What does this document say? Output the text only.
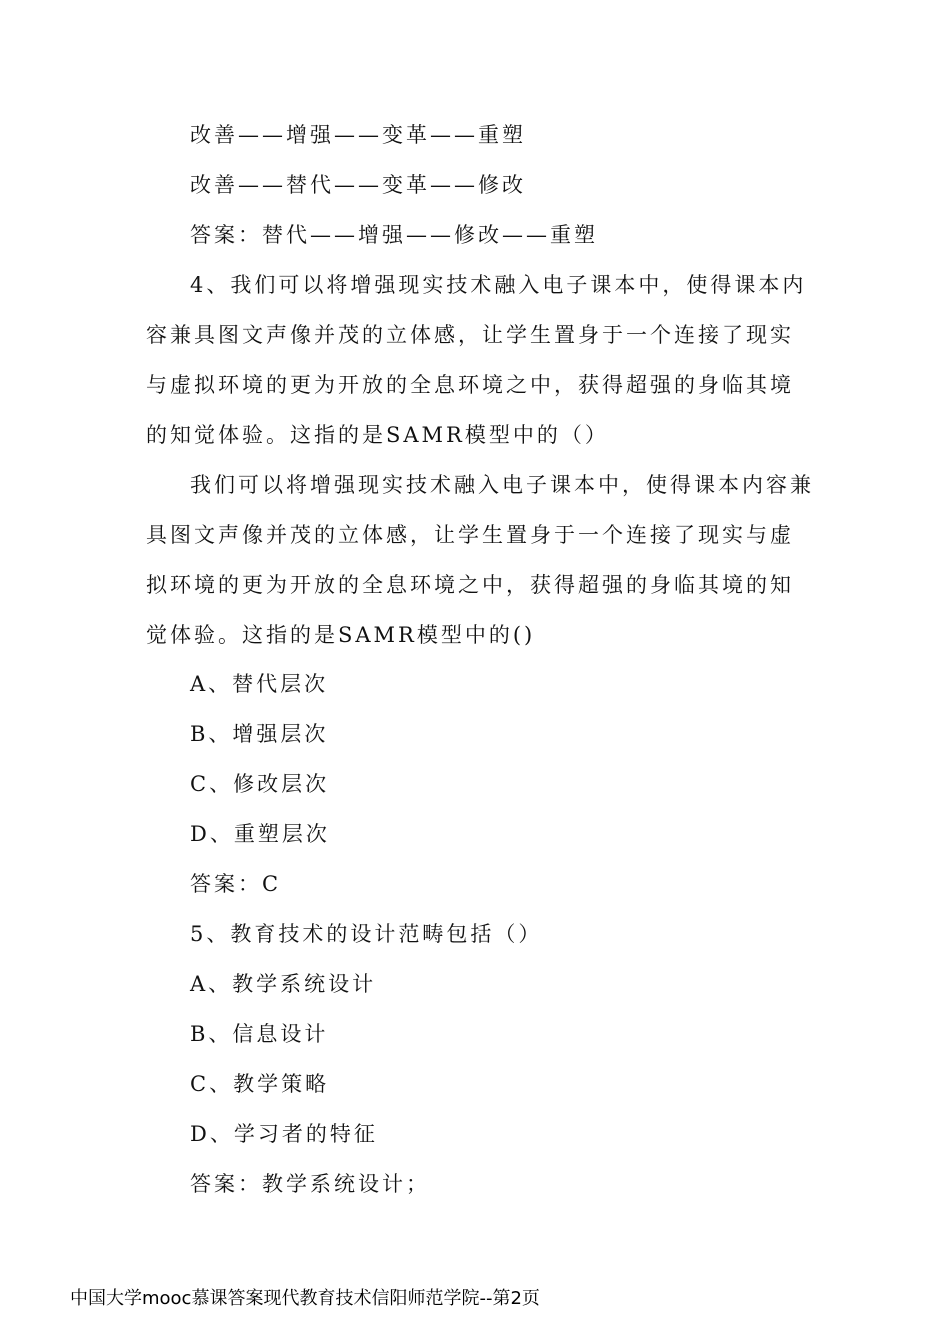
改善——增强——变革——重塑
改善——替代——变革——修改
答案：替代——增强——修改——重塑
4、我们可以将增强现实技术融入电子课本中，使得课本内容兼具图文声像并茂的立体感，让学生置身于一个连接了现实与虚拟环境的更为开放的全息环境之中，获得超强的身临其境的知觉体验。这指的是SAMR模型中的（）
我们可以将增强现实技术融入电子课本中，使得课本内容兼具图文声像并茂的立体感，让学生置身于一个连接了现实与虚拟环境的更为开放的全息环境之中，获得超强的身临其境的知觉体验。这指的是SAMR模型中的()
A、替代层次
B、增强层次
C、修改层次
D、重塑层次
答案：C
5、教育技术的设计范畴包括（）
A、教学系统设计
B、信息设计
C、教学策略
D、学习者的特征
答案：教学系统设计；
中国大学mooc慕课答案现代教育技术信阳师范学院--第2页
